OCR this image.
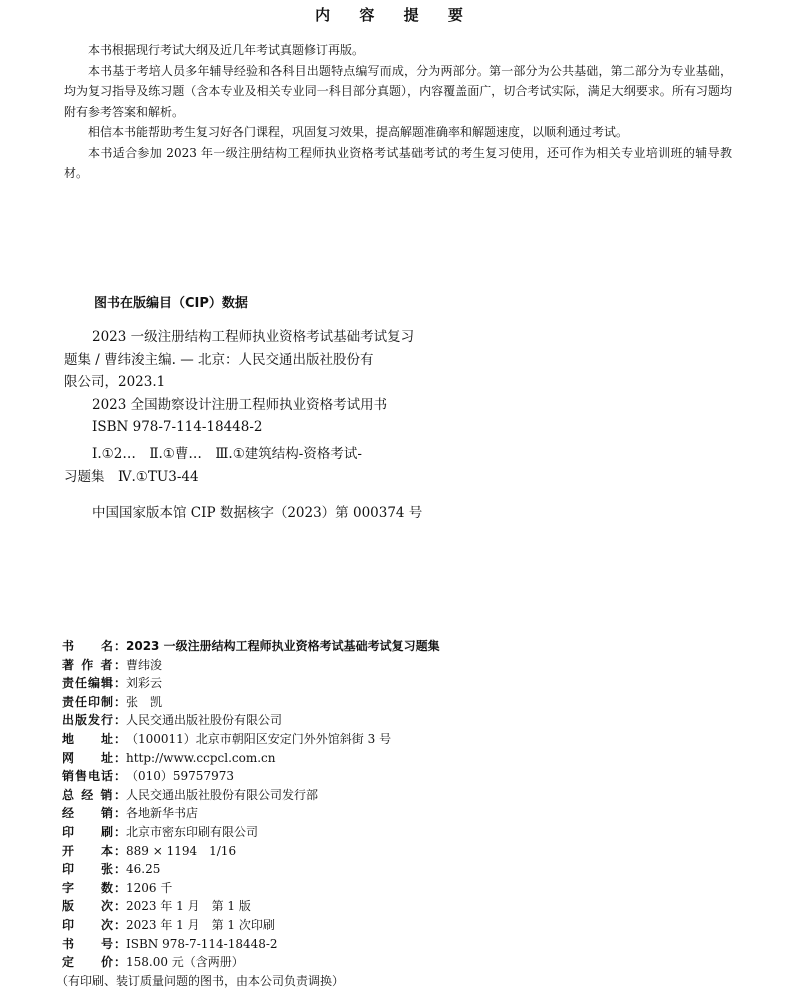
内 容 提 要

本书根据现行考试大纲及近几年考试真题修订再版。

本书基于考培人员多年辅导经验和各科目出题特点编写而成，分为两部分。第一部分为公共基础，第二部分为专业基础，均为复习指导及练习题（含本专业及相关专业同一科目部分真题），内容覆盖面广，切合考试实际，满足大纲要求。所有习题均附有参考答案和解析。

相信本书能帮助考生复习好各门课程，巩固复习效果，提高解题准确率和解题速度，以顺利通过考试。

本书适合参加 2023 年一级注册结构工程师执业资格考试基础考试的考生复习使用，还可作为相关专业培训班的辅导教材。

图书在版编目（CIP）数据
2023 一级注册结构工程师执业资格考试基础考试复习
题集 / 曹纬浚主编. — 北京：人民交通出版社股份有
限公司，2023.1
2023 全国勘察设计注册工程师执业资格考试用书
ISBN 978-7-114-18448-2
Ⅰ.①2…　Ⅱ.①曹…　Ⅲ.①建筑结构-资格考试-
习题集　Ⅳ.①TU3-44
中国国家版本馆 CIP 数据核字（2023）第 000374 号
书　　名： 2023 一级注册结构工程师执业资格考试基础考试复习题集
著 作 者： 曹纬浚
责任编辑： 刘彩云
责任印制： 张　凯
出版发行： 人民交通出版社股份有限公司
地　　址： （100011）北京市朝阳区安定门外外馆斜街 3 号
网　　址： http://www.ccpcl.com.cn
销售电话： （010）59757973
总 经 销： 人民交通出版社股份有限公司发行部
经　　销： 各地新华书店
印　　刷： 北京市密东印刷有限公司
开　　本： 889 × 1194　1/16
印　　张： 46.25
字　　数： 1206 千
版　　次： 2023 年 1 月　第 1 版
印　　次： 2023 年 1 月　第 1 次印刷
书　　号： ISBN 978-7-114-18448-2
定　　价： 158.00 元（含两册）
（有印刷、装订质量问题的图书，由本公司负责调换）
